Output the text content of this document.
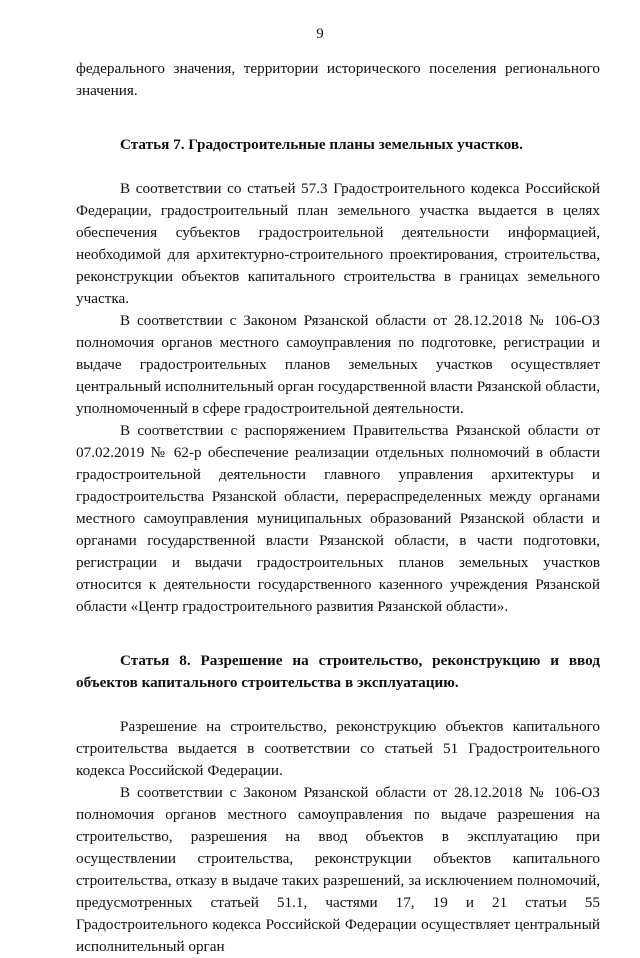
9

федерального значения, территории исторического поселения регионального значения.

Статья 7. Градостроительные планы земельных участков.

В соответствии со статьей 57.3 Градостроительного кодекса Российской Федерации, градостроительный план земельного участка выдается в целях обеспечения субъектов градостроительной деятельности информацией, необходимой для архитектурно-строительного проектирования, строительства, реконструкции объектов капитального строительства в границах земельного участка.

В соответствии с Законом Рязанской области от 28.12.2018 № 106-ОЗ полномочия органов местного самоуправления по подготовке, регистрации и выдаче градостроительных планов земельных участков осуществляет центральный исполнительный орган государственной власти Рязанской области, уполномоченный в сфере градостроительной деятельности.

В соответствии с распоряжением Правительства Рязанской области от 07.02.2019 № 62-р обеспечение реализации отдельных полномочий в области градостроительной деятельности главного управления архитектуры и градостроительства Рязанской области, перераспределенных между органами местного самоуправления муниципальных образований Рязанской области и органами государственной власти Рязанской области, в части подготовки, регистрации и выдачи градостроительных планов земельных участков относится к деятельности государственного казенного учреждения Рязанской области «Центр градостроительного развития Рязанской области».

Статья 8. Разрешение на строительство, реконструкцию и ввод объектов капитального строительства в эксплуатацию.

Разрешение на строительство, реконструкцию объектов капитального строительства выдается в соответствии со статьей 51 Градостроительного кодекса Российской Федерации.

В соответствии с Законом Рязанской области от 28.12.2018 № 106-ОЗ полномочия органов местного самоуправления по выдаче разрешения на строительство, разрешения на ввод объектов в эксплуатацию при осуществлении строительства, реконструкции объектов капитального строительства, отказу в выдаче таких разрешений, за исключением полномочий, предусмотренных статьей 51.1, частями 17, 19 и 21 статьи 55 Градостроительного кодекса Российской Федерации осуществляет центральный исполнительный орган
